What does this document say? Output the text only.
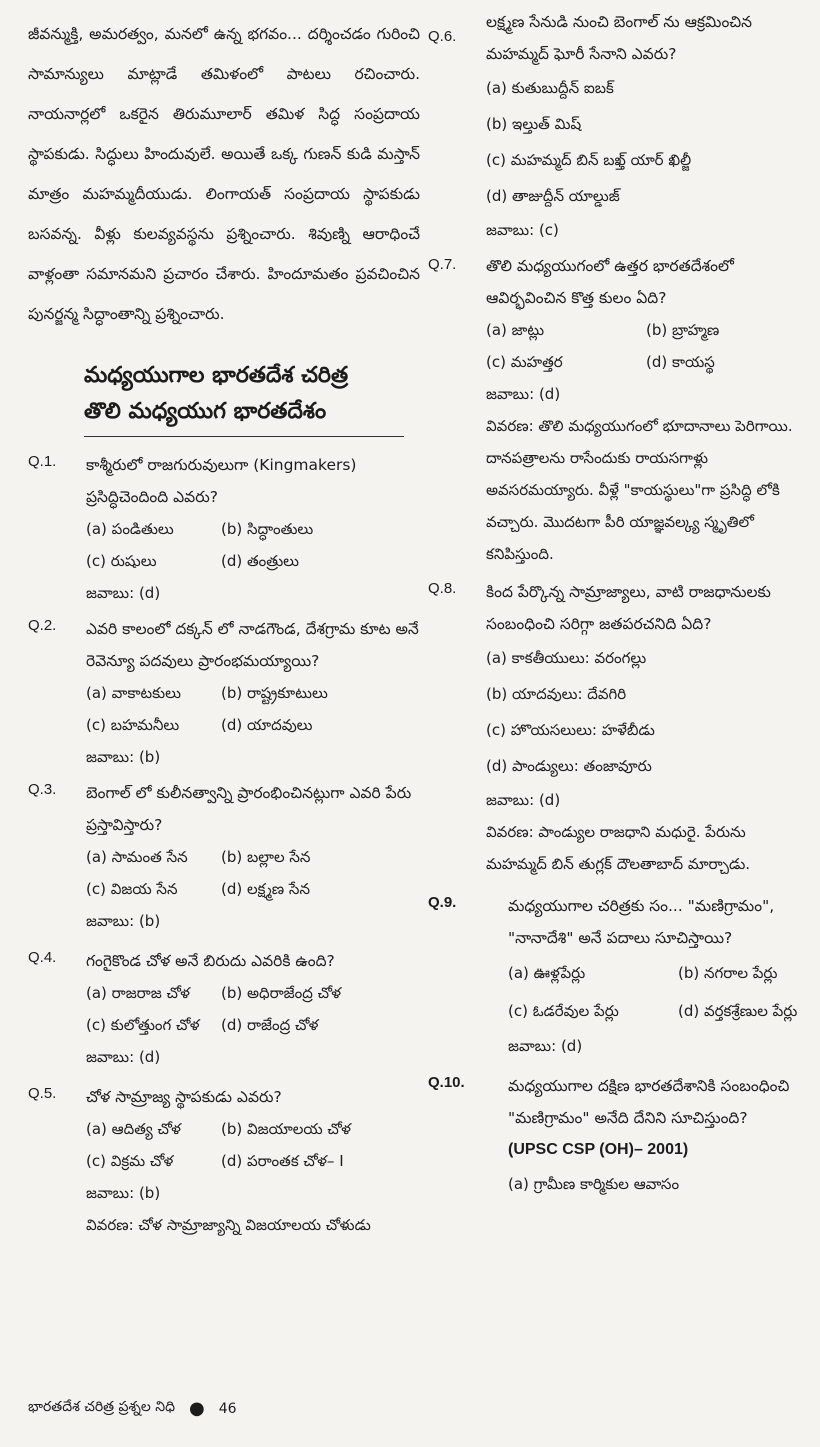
జీవన్ముక్తి, అమరత్వం, మనలో ఉన్న భగవం... దర్శించడం గురించి సామాన్యులు మాట్లాడే తమిళంలో పాటలు రచించారు. నాయనార్లలో ఒకరైన తిరుమూలార్ తమిళ సిద్ధ సంప్రదాయ స్థాపకుడు. సిద్ధులు హిందువులే. అయితే ఒక్క గుణన్ కుడి మస్తాన్ మాత్రం మహమ్మదీయుడు. లింగాయత్ సంప్రదాయ స్థాపకుడు బసవన్న. వీళ్లు కులవ్యవస్థను ప్రశ్నించారు. శివుణ్ని ఆరాధించే వాళ్లంతా సమానమని ప్రచారం చేశారు. హిందూమతం ప్రవచించిన పునర్జన్మ సిద్ధాంతాన్ని ప్రశ్నించారు.

మధ్యయుగాల భారతదేశ చరిత్ర

తొలి మధ్యయుగ భారతదేశం

Q.1. కాశ్మీరులో రాజగురువులుగా (Kingmakers) ప్రసిద్ధిచెందింది ఎవరు?
(a) పండితులు	(b) సిద్ధాంతులు
(c) రుషులు	(d) తంత్రులు
జవాబు: (d)
Q.2. ఎవరి కాలంలో దక్కన్ లో నాడగౌండ, దేశగ్రామ కూట అనే రెవెన్యూ పదవులు ప్రారంభమయ్యాయి?
(a) వాకాటకులు	(b) రాష్ట్రకూటులు
(c) బహమనీలు	(d) యాదవులు
జవాబు: (b)
Q.3. బెంగాల్ లో కులీనత్వాన్ని ప్రారంభించినట్లుగా ఎవరి పేరు ప్రస్తావిస్తారు?
(a) సామంత సేన	(b) బల్లాల సేన
(c) విజయ సేన	(d) లక్ష్మణ సేన
జవాబు: (b)
Q.4. గంగైకొండ చోళ అనే బిరుదు ఎవరికి ఉంది?
(a) రాజరాజ చోళ	(b) అధిరాజేంద్ర చోళ
(c) కులోత్తుంగ చోళ	(d) రాజేంద్ర చోళ
జవాబు: (d)
Q.5. చోళ సామ్రాజ్య స్థాపకుడు ఎవరు?
(a) ఆదిత్య చోళ	(b) విజయాలయ చోళ
(c) విక్రమ చోళ	(d) పరాంతక చోళ– I
జవాబు: (b)
వివరణ: చోళ సామ్రాజ్యాన్ని విజయాలయ చోళుడు
Q.6.
లక్ష్మణ సేనుడి నుంచి బెంగాల్ ను ఆక్రమించిన మహమ్మద్ ఘోరీ సేనాని ఎవరు?
(a) కుతుబుద్దీన్ ఐబక్
(b) ఇల్తుత్ మిష్
(c) మహమ్మద్ బిన్ బఖ్త్ యార్ ఖిల్జీ
(d) తాజుద్దీన్ యాల్డుజ్
జవాబు: (c)
Q.7. తొలి మధ్యయుగంలో ఉత్తర భారతదేశంలో ఆవిర్భవించిన కొత్త కులం ఏది?
(a) జాట్లు	(b) బ్రాహ్మణ
(c) మహత్తర	(d) కాయస్థ
జవాబు: (d)
వివరణ: తొలి మధ్యయుగంలో భూదానాలు పెరిగాయి. దానపత్రాలను రాసేందుకు రాయసగాళ్లు అవసరమయ్యారు. వీళ్లే "కాయస్థులు"గా ప్రసిద్ధి లోకి వచ్చారు. మొదటగా పీరి యాజ్ఞవల్క్య స్మృతిలో కనిపిస్తుంది.
Q.8. కింద పేర్కొన్న సామ్రాజ్యాలు, వాటి రాజధానులకు సంబంధించి సరిగ్గా జతపరచనిది ఏది?
(a) కాకతీయులు: వరంగల్లు
(b) యాదవులు: దేవగిరి
(c) హొయసలులు: హళేబీడు
(d) పాండ్యులు: తంజావూరు
జవాబు: (d)
వివరణ: పాండ్యుల రాజధాని మధురై. పేరును మహమ్మద్ బిన్ తుగ్లక్ దౌలతాబాద్ మార్చాడు.
Q.9.	మధ్యయుగాల చరిత్రకు సం... "మణిగ్రామం", "నానాదేశి" అనే పదాలు సూచిస్తాయి?
(a) ఊళ్లపేర్లు	(b) నగరాల పేర్లు
(c) ఓడరేవుల పేర్లు	(d) వర్తకశ్రేణుల పేర్లు
జవాబు: (d)
Q.10.	మధ్యయుగాల దక్షిణ భారతదేశానికి సంబంధించి "మణిగ్రామం" అనేది దేనిని సూచిస్తుంది?
(UPSC CSP (OH)– 2001)
(a) గ్రామీణ కార్మికుల ఆవాసం
భారతదేశ చరిత్ర ప్రశ్నల నిధి ● 46
